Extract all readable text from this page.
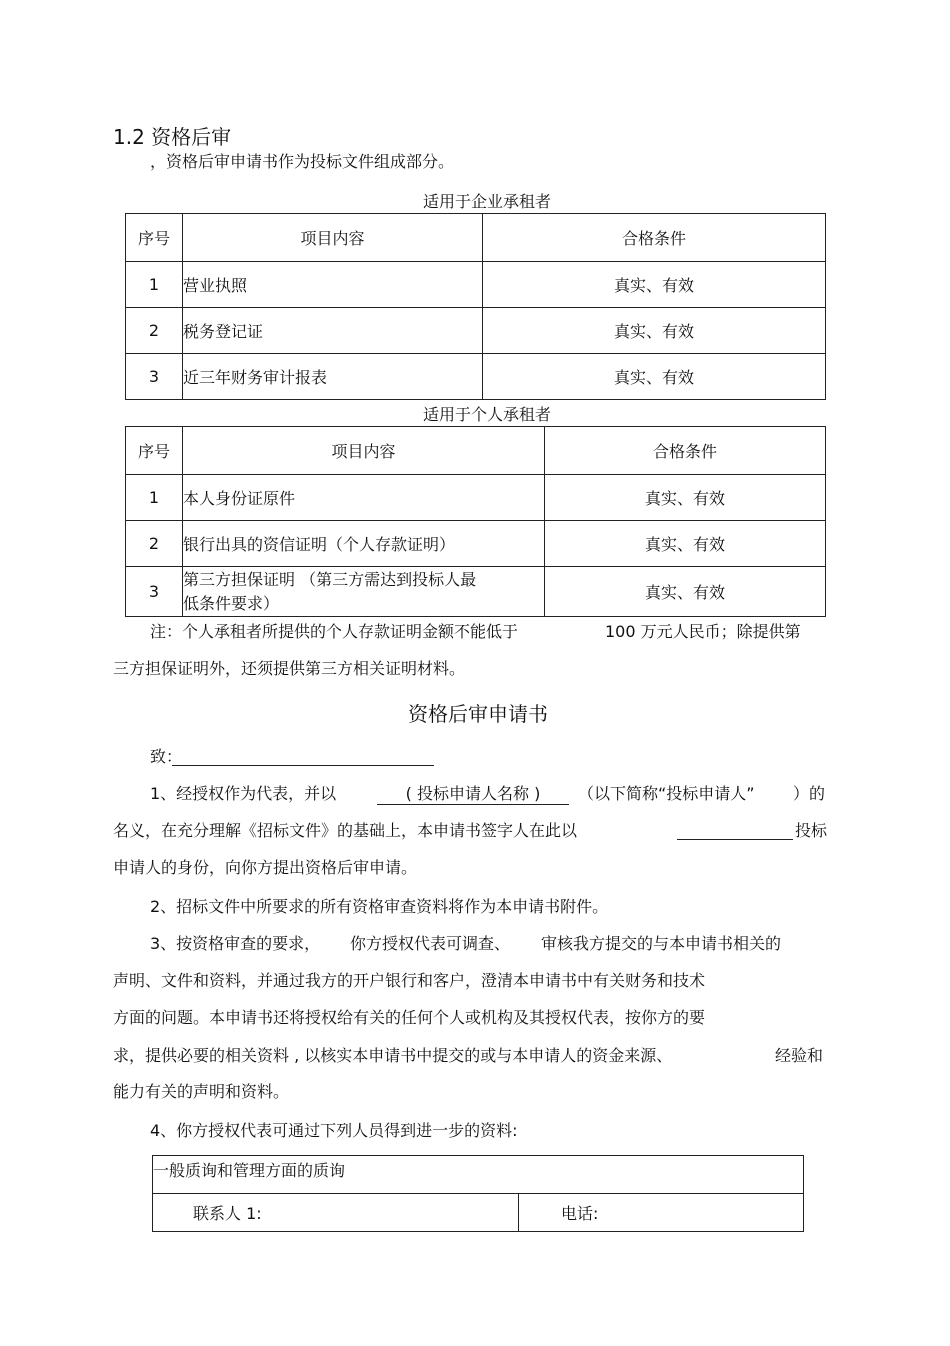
1.2 资格后审
，资格后审申请书作为投标文件组成部分。
适用于企业承租者
序号	项目内容	合格条件
1	营业执照	真实、有效
2	税务登记证	真实、有效
3	近三年财务审计报表	真实、有效
适用于个人承租者
序号	项目内容	合格条件
1	本人身份证原件	真实、有效
2	银行出具的资信证明（个人存款证明）	真实、有效
3	第三方担保证明 （第三方需达到投标人最
低条件要求）	真实、有效
注：个人承租者所提供的个人存款证明金额不能低于	100 万元人民币；除提供第
三方担保证明外，还须提供第三方相关证明材料。
资格后审申请书
致：
1、经授权作为代表，并以	( 投标申请人名称 )	（以下简称“投标申请人” ）的
名义，在充分理解《招标文件》的基础上，本申请书签字人在此以	投标
申请人的身份，向你方提出资格后审申请。
2、招标文件中所要求的所有资格审查资料将作为本申请书附件。
3、按资格审查的要求， 你方授权代表可调查、 审核我方提交的与本申请书相关的
声明、文件和资料，并通过我方的开户银行和客户，澄清本申请书中有关财务和技术
方面的问题。本申请书还将授权给有关的任何个人或机构及其授权代表，按你方的要
求，提供必要的相关资料 , 以核实本申请书中提交的或与本申请人的资金来源、	经验和
能力有关的声明和资料。
4、你方授权代表可通过下列人员得到进一步的资料:
一般质询和管理方面的质询
联系人 1:	电话:
